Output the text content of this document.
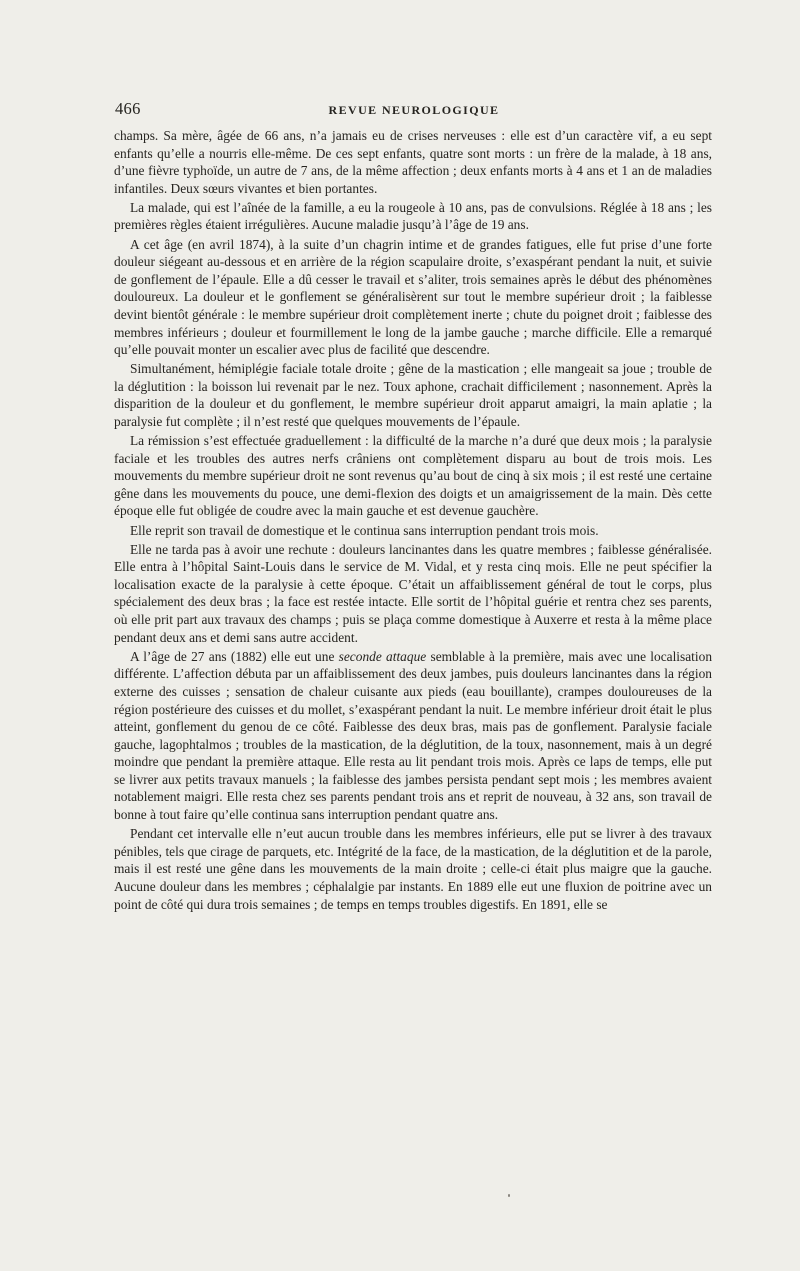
466	REVUE NEUROLOGIQUE

champs. Sa mère, âgée de 66 ans, n’a jamais eu de crises nerveuses : elle est d’un caractère vif, a eu sept enfants qu’elle a nourris elle-même. De ces sept enfants, quatre sont morts : un frère de la malade, à 18 ans, d’une fièvre typhoïde, un autre de 7 ans, de la même affection ; deux enfants morts à 4 ans et 1 an de maladies infantiles. Deux sœurs vivantes et bien portantes.

La malade, qui est l’aînée de la famille, a eu la rougeole à 10 ans, pas de convulsions. Réglée à 18 ans ; les premières règles étaient irrégulières. Aucune maladie jusqu’à l’âge de 19 ans.

A cet âge (en avril 1874), à la suite d’un chagrin intime et de grandes fatigues, elle fut prise d’une forte douleur siégeant au-dessous et en arrière de la région scapulaire droite, s’exaspérant pendant la nuit, et suivie de gonflement de l’épaule. Elle a dû cesser le travail et s’aliter, trois semaines après le début des phénomènes douloureux. La douleur et le gonflement se généralisèrent sur tout le membre supérieur droit ; la faiblesse devint bientôt générale : le membre supérieur droit complètement inerte ; chute du poignet droit ; faiblesse des membres inférieurs ; douleur et fourmillement le long de la jambe gauche ; marche difficile. Elle a remarqué qu’elle pouvait monter un escalier avec plus de facilité que descendre.

Simultanément, hémiplégie faciale totale droite ; gêne de la mastication ; elle mangeait sa joue ; trouble de la déglutition : la boisson lui revenait par le nez. Toux aphone, crachait difficilement ; nasonnement. Après la disparition de la douleur et du gonflement, le membre supérieur droit apparut amaigri, la main aplatie ; la paralysie fut complète ; il n’est resté que quelques mouvements de l’épaule.

La rémission s’est effectuée graduellement : la difficulté de la marche n’a duré que deux mois ; la paralysie faciale et les troubles des autres nerfs crâniens ont complètement disparu au bout de trois mois. Les mouvements du membre supérieur droit ne sont revenus qu’au bout de cinq à six mois ; il est resté une certaine gêne dans les mouvements du pouce, une demi-flexion des doigts et un amaigrissement de la main. Dès cette époque elle fut obligée de coudre avec la main gauche et est devenue gauchère.

Elle reprit son travail de domestique et le continua sans interruption pendant trois mois.

Elle ne tarda pas à avoir une rechute : douleurs lancinantes dans les quatre membres ; faiblesse généralisée. Elle entra à l’hôpital Saint-Louis dans le service de M. Vidal, et y resta cinq mois. Elle ne peut spécifier la localisation exacte de la paralysie à cette époque. C’était un affaiblissement général de tout le corps, plus spécialement des deux bras ; la face est restée intacte. Elle sortit de l’hôpital guérie et rentra chez ses parents, où elle prit part aux travaux des champs ; puis se plaça comme domestique à Auxerre et resta à la même place pendant deux ans et demi sans autre accident.

A l’âge de 27 ans (1882) elle eut une seconde attaque semblable à la première, mais avec une localisation différente. L’affection débuta par un affaiblissement des deux jambes, puis douleurs lancinantes dans la région externe des cuisses ; sensation de chaleur cuisante aux pieds (eau bouillante), crampes douloureuses de la région postérieure des cuisses et du mollet, s’exaspérant pendant la nuit. Le membre inférieur droit était le plus atteint, gonflement du genou de ce côté. Faiblesse des deux bras, mais pas de gonflement. Paralysie faciale gauche, lagophtalmos ; troubles de la mastication, de la déglutition, de la toux, nasonnement, mais à un degré moindre que pendant la première attaque. Elle resta au lit pendant trois mois. Après ce laps de temps, elle put se livrer aux petits travaux manuels ; la faiblesse des jambes persista pendant sept mois ; les membres avaient notablement maigri. Elle resta chez ses parents pendant trois ans et reprit de nouveau, à 32 ans, son travail de bonne à tout faire qu’elle continua sans interruption pendant quatre ans.

Pendant cet intervalle elle n’eut aucun trouble dans les membres inférieurs, elle put se livrer à des travaux pénibles, tels que cirage de parquets, etc. Intégrité de la face, de la mastication, de la déglutition et de la parole, mais il est resté une gêne dans les mouvements de la main droite ; celle-ci était plus maigre que la gauche. Aucune douleur dans les membres ; céphalalgie par instants. En 1889 elle eut une fluxion de poitrine avec un point de côté qui dura trois semaines ; de temps en temps troubles digestifs. En 1891, elle se
